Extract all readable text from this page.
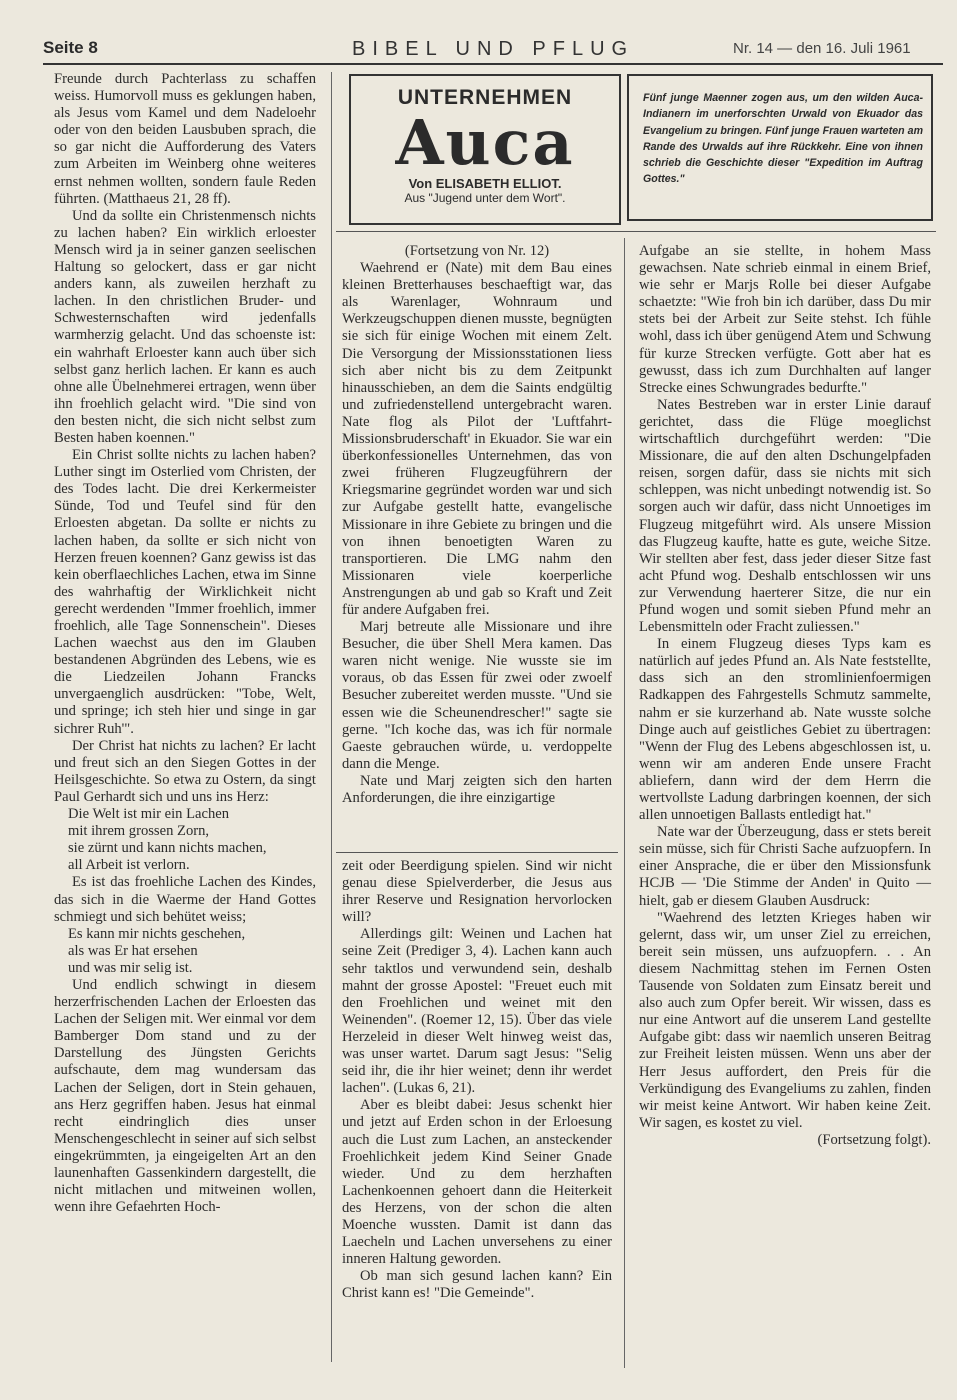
Seite 8	BIBEL UND PFLUG	Nr. 14 — den 16. Juli 1961

Freunde durch Pachterlass zu schaffen weiss. Humorvoll muss es geklungen haben, als Jesus vom Kamel und dem Nadeloehr oder von den beiden Lausbuben sprach, die so gar nicht die Aufforderung des Vaters zum Arbeiten im Weinberg ohne weiteres ernst nehmen wollten, sondern faule Reden führten. (Matthaeus 21, 28 ff).

Und da sollte ein Christenmensch nichts zu lachen haben? Ein wirklich erloester Mensch wird ja in seiner ganzen seelischen Haltung so gelockert, dass er gar nicht anders kann, als zuweilen herzhaft zu lachen. In den christlichen Bruder- und Schwesternschaften wird jedenfalls warmherzig gelacht. Und das schoenste ist: ein wahrhaft Erloester kann auch über sich selbst ganz herlich lachen. Er kann es auch ohne alle Übelnehmerei ertragen, wenn über ihn froehlich gelacht wird. "Die sind von den besten nicht, die sich nicht selbst zum Besten haben koennen."

Ein Christ sollte nichts zu lachen haben? Luther singt im Osterlied vom Christen, der des Todes lacht. Die drei Kerkermeister Sünde, Tod und Teufel sind für den Erloesten abgetan. Da sollte er nichts zu lachen haben, da sollte er sich nicht von Herzen freuen koennen? Ganz gewiss ist das kein oberflaechliches Lachen, etwa im Sinne des wahrhaftig der Wirklichkeit nicht gerecht werdenden "Immer froehlich, immer froehlich, alle Tage Sonnenschein". Dieses Lachen waechst aus den im Glauben bestandenen Abgründen des Lebens, wie es die Liedzeilen Johann Francks unvergaenglich ausdrücken: "Tobe, Welt, und springe; ich steh hier und singe in gar sichrer Ruh'".

Der Christ hat nichts zu lachen? Er lacht und freut sich an den Siegen Gottes in der Heilsgeschichte. So etwa zu Ostern, da singt Paul Gerhardt sich und uns ins Herz:

Die Welt ist mir ein Lachen

mit ihrem grossen Zorn,

sie zürnt und kann nichts machen,

all Arbeit ist verlorn.

Es ist das froehliche Lachen des Kindes, das sich in die Waerme der Hand Gottes schmiegt und sich behütet weiss;

Es kann mir nichts geschehen,

als was Er hat ersehen

und was mir selig ist.

Und endlich schwingt in diesem herzerfrischenden Lachen der Erloesten das Lachen der Seligen mit. Wer einmal vor dem Bamberger Dom stand und zu der Darstellung des Jüngsten Gerichts aufschaute, dem mag wundersam das Lachen der Seligen, dort in Stein gehauen, ans Herz gegriffen haben. Jesus hat einmal recht eindringlich dies unser Menschengeschlecht in seiner auf sich selbst eingekrümmten, ja eingeigelten Art an den launenhaften Gassenkindern dargestellt, die nicht mitlachen und mitweinen wollen, wenn ihre Gefaehrten Hoch-

UNTERNEHMEN
Auca
Von ELISABETH ELLIOT.
Aus "Jugend unter dem Wort".
Fünf junge Maenner zogen aus, um den wilden Auca-Indianern im unerforschten Urwald von Ekuador das Evangelium zu bringen. Fünf junge Frauen warteten am Rande des Urwalds auf ihre Rückkehr. Eine von ihnen schrieb die Geschichte dieser "Expedition im Auftrag Gottes."

(Fortsetzung von Nr. 12)

Waehrend er (Nate) mit dem Bau eines kleinen Bretterhauses beschaeftigt war, das als Warenlager, Wohnraum und Werkzeugschuppen dienen musste, begnügten sie sich für einige Wochen mit einem Zelt. Die Versorgung der Missionsstationen liess sich aber nicht bis zu dem Zeitpunkt hinausschieben, an dem die Saints endgültig und zufriedenstellend untergebracht waren. Nate flog als Pilot der 'Luftfahrt-Missionsbruderschaft' in Ekuador. Sie war ein überkonfessionelles Unternehmen, das von zwei früheren Flugzeugführern der Kriegsmarine gegründet worden war und sich zur Aufgabe gestellt hatte, evangelische Missionare in ihre Gebiete zu bringen und die von ihnen benoetigten Waren zu transportieren. Die LMG nahm den Missionaren viele koerperliche Anstrengungen ab und gab so Kraft und Zeit für andere Aufgaben frei.

Marj betreute alle Missionare und ihre Besucher, die über Shell Mera kamen. Das waren nicht wenige. Nie wusste sie im voraus, ob das Essen für zwei oder zwoelf Besucher zubereitet werden musste. "Und sie essen wie die Scheunendrescher!" sagte sie gerne. "Ich koche das, was ich für normale Gaeste gebrauchen würde, u. verdoppelte dann die Menge.

Nate und Marj zeigten sich den harten Anforderungen, die ihre einzigartige

zeit oder Beerdigung spielen. Sind wir nicht genau diese Spielverderber, die Jesus aus ihrer Reserve und Resignation hervorlocken will?

Allerdings gilt: Weinen und Lachen hat seine Zeit (Prediger 3, 4). Lachen kann auch sehr taktlos und verwundend sein, deshalb mahnt der grosse Apostel: "Freuet euch mit den Froehlichen und weinet mit den Weinenden". (Roemer 12, 15). Über das viele Herzeleid in dieser Welt hinweg weist das, was unser wartet. Darum sagt Jesus: "Selig seid ihr, die ihr hier weinet; denn ihr werdet lachen". (Lukas 6, 21).

Aber es bleibt dabei: Jesus schenkt hier und jetzt auf Erden schon in der Erloesung auch die Lust zum Lachen, an ansteckender Froehlichkeit jedem Kind Seiner Gnade wieder. Und zu dem herzhaften Lachenkoennen gehoert dann die Heiterkeit des Herzens, von der schon die alten Moenche wussten. Damit ist dann das Laecheln und Lachen unversehens zu einer inneren Haltung geworden.

Ob man sich gesund lachen kann? Ein Christ kann es! "Die Gemeinde".

Aufgabe an sie stellte, in hohem Mass gewachsen. Nate schrieb einmal in einem Brief, wie sehr er Marjs Rolle bei dieser Aufgabe schaetzte: "Wie froh bin ich darüber, dass Du mir stets bei der Arbeit zur Seite stehst. Ich fühle wohl, dass ich über genügend Atem und Schwung für kurze Strecken verfügte. Gott aber hat es gewusst, dass ich zum Durchhalten auf langer Strecke eines Schwungrades bedurfte."

Nates Bestreben war in erster Linie darauf gerichtet, dass die Flüge moeglichst wirtschaftlich durchgeführt werden: "Die Missionare, die auf den alten Dschungelpfaden reisen, sorgen dafür, dass sie nichts mit sich schleppen, was nicht unbedingt notwendig ist. So sorgen auch wir dafür, dass nicht Unnoetiges im Flugzeug mitgeführt wird. Als unsere Mission das Flugzeug kaufte, hatte es gute, weiche Sitze. Wir stellten aber fest, dass jeder dieser Sitze fast acht Pfund wog. Deshalb entschlossen wir uns zur Verwendung haerterer Sitze, die nur ein Pfund wogen und somit sieben Pfund mehr an Lebensmitteln oder Fracht zuliessen."

In einem Flugzeug dieses Typs kam es natürlich auf jedes Pfund an. Als Nate feststellte, dass sich an den stromlinienfoermigen Radkappen des Fahrgestells Schmutz sammelte, nahm er sie kurzerhand ab. Nate wusste solche Dinge auch auf geistliches Gebiet zu übertragen: "Wenn der Flug des Lebens abgeschlossen ist, u. wenn wir am anderen Ende unsere Fracht abliefern, dann wird der dem Herrn die wertvollste Ladung darbringen koennen, der sich allen unnoetigen Ballasts entledigt hat."

Nate war der Überzeugung, dass er stets bereit sein müsse, sich für Christi Sache aufzuopfern. In einer Ansprache, die er über den Missionsfunk HCJB — 'Die Stimme der Anden' in Quito — hielt, gab er diesem Glauben Ausdruck:

"Waehrend des letzten Krieges haben wir gelernt, dass wir, um unser Ziel zu erreichen, bereit sein müssen, uns aufzuopfern. . . An diesem Nachmittag stehen im Fernen Osten Tausende von Soldaten zum Einsatz bereit und also auch zum Opfer bereit. Wir wissen, dass es nur eine Antwort auf die unserem Land gestellte Aufgabe gibt: dass wir naemlich unseren Beitrag zur Freiheit leisten müssen. Wenn uns aber der Herr Jesus auffordert, den Preis für die Verkündigung des Evangeliums zu zahlen, finden wir meist keine Antwort. Wir haben keine Zeit. Wir sagen, es kostet zu viel.

(Fortsetzung folgt).
